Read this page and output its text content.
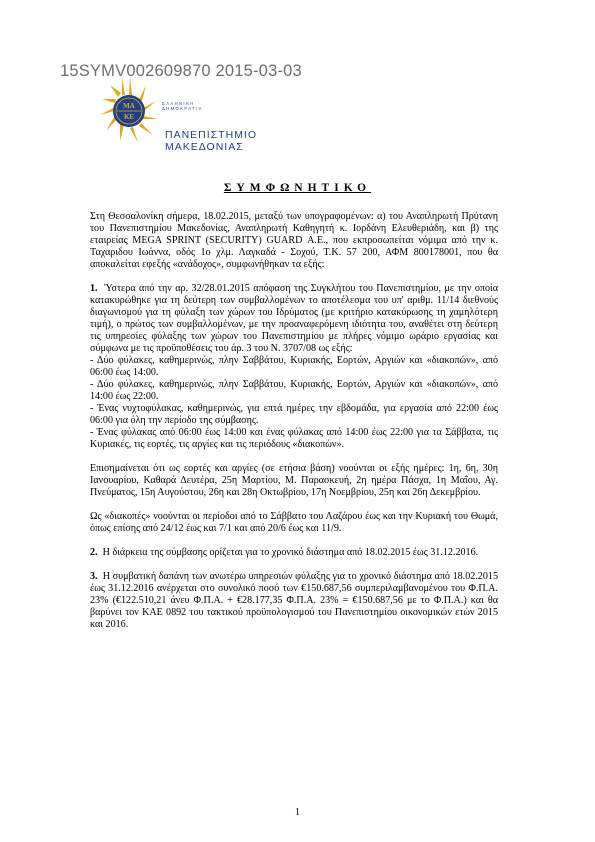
15SYMV002609870 2015-03-03
ΜΑ
ΚΕ
ΕΛΛΗΝΙΚΗ
ΔΗΜΟΚΡΑΤΙΑ
ΠΑΝΕΠΙΣΤΗΜΙΟ
ΜΑΚΕΔΟΝΙΑΣ
ΣΥΜΦΩΝΗΤΙΚΟ

Στη Θεσσαλονίκη σήμερα, 18.02.2015, μεταξύ των υπογραφομένων: α) του Αναπληρωτή Πρύτανη του Πανεπιστημίου Μακεδονίας, Αναπληρωτή Καθηγητή κ. Ιορδάνη Ελευθεριάδη, και β) της εταιρείας MEGA SPRINT (SECURITY) GUARD Α.Ε., που εκπροσωπείται νόμιμα από την κ. Ταχαριδου Ιωάννα, οδός 1ο χλμ. Λαγκαδά - Σοχού, Τ.Κ. 57 200, ΑΦΜ 800178001, που θα αποκαλείται εφεξής «ανάδοχος», συμφωνήθηκαν τα εξής:

1. Ύστερα από την αρ. 32/28.01.2015 απόφαση της Συγκλήτου του Πανεπιστημίου, με την οποία κατακυρώθηκε για τη δεύτερη των συμβαλλομένων το αποτέλεσμα του υπ' αριθμ. 11/14 διεθνούς διαγωνισμού για τη φύλαξη των χώρων του Ιδρύματος (με κριτήριο κατακύρωσης τη χαμηλότερη τιμή), ο πρώτος των συμβαλλομένων, με την προαναφερόμενη ιδιότητα του, αναθέτει στη δεύτερη τις υπηρεσίες φύλαξης των χώρων του Πανεπιστημίου με πλήρες νόμιμο ωράριο εργασίας και σύμφωνα με τις προϋποθέσεις του άρ. 3 του Ν. 3707/08 ως εξής:

- Δύο φύλακες, καθημερινώς, πλην Σαββάτου, Κυριακής, Εορτών, Αργιών και «διακοπών», από 06:00 έως 14:00.
- Δύο φύλακες, καθημερινώς, πλην Σαββάτου, Κυριακής, Εορτών, Αργιών και «διακοπών», από 14:00 έως 22:00.
- Ένας νυχτοφύλακας, καθημερινώς, για επτά ημέρες την εβδομάδα, για εργασία από 22:00 έως 06:00 για όλη την περίοδο της σύμβασης.
- Ένας φύλακας από 06:00 έως 14:00 και ένας φύλακας από 14:00 έως 22:00 για τα Σάββατα, τις Κυριακές, τις εορτές, τις αργίες και τις περιόδους «διακοπών».

Επισημαίνεται ότι ως εορτές και αργίες (σε ετήσια βάση) νοούνται οι εξής ημέρες: 1η, 6η, 30η Ιανουαρίου, Καθαρά Δευτέρα, 25η Μαρτίου, Μ. Παρασκευή, 2η ημέρα Πάσχα, 1η Μαΐου, Αγ. Πνεύματος, 15η Αυγούστου, 26η και 28η Οκτωβρίου, 17η Νοεμβρίου, 25η και 26η Δεκεμβρίου.

Ως «διακοπές» νοούνται οι περίοδοι από το Σάββατο του Λαζάρου έως και την Κυριακή του Θωμά, όπως επίσης από 24/12 έως και 7/1 και από 20/6 έως και 11/9.

2. Η διάρκεια της σύμβασης ορίζεται για το χρονικό διάστημα από 18.02.2015 έως 31.12.2016.

3. Η συμβατική δαπάνη των ανωτέρω υπηρεσιών φύλαξης για το χρονικό διάστημα από 18.02.2015 έως 31.12.2016 ανέρχεται στο συνολικό ποσό των €150.687,56 συμπεριλαμβανομένου του Φ.Π.Α. 23% (€122.510,21 άνευ Φ.Π.Α. + €28.177,35 Φ.Π.Α. 23% = €150.687,56 με το Φ.Π.Α.) και θα βαρύνει τον ΚΑΕ 0892 του τακτικού προϋπολογισμού του Πανεπιστημίου οικονομικών ετών 2015 και 2016.

1
